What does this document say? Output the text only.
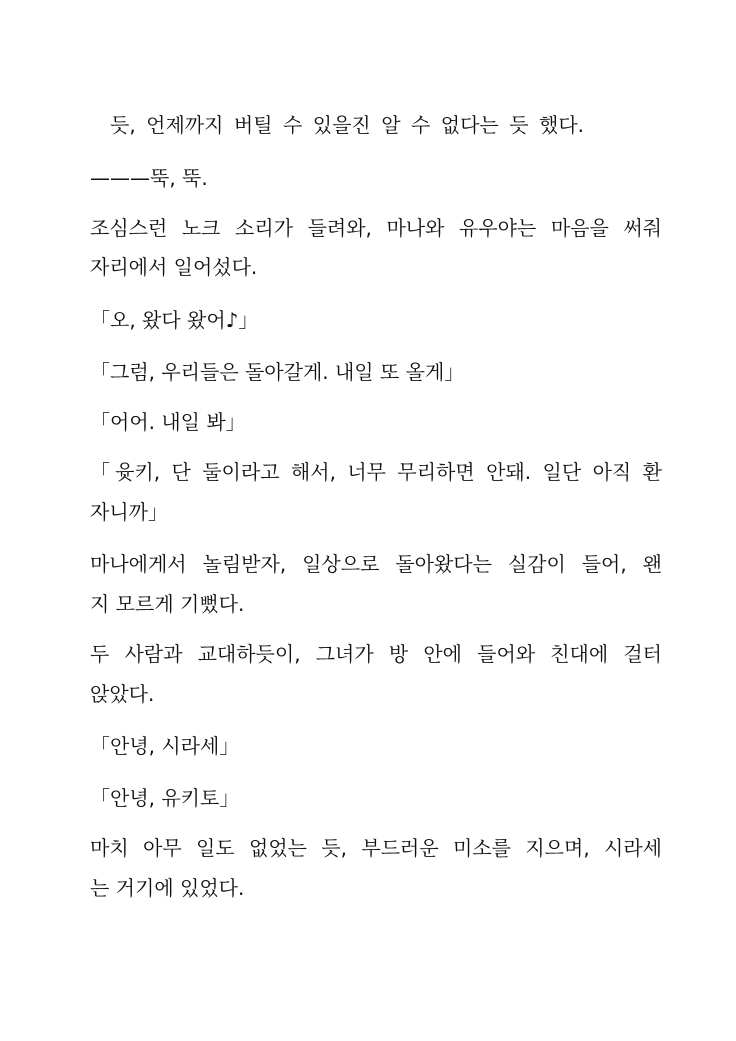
듯, 언제까지 버틸 수 있을진 알 수 없다는 듯 했다.
———뚝, 뚝.
조심스런 노크 소리가 들려와, 마나와 유우야는 마음을 써줘
자리에서 일어섰다.
「오, 왔다 왔어♪」
「그럼, 우리들은 돌아갈게. 내일 또 올게」
「어어. 내일 봐」
「윳키, 단 둘이라고 해서, 너무 무리하면 안돼. 일단 아직 환
자니까」
마나에게서 놀림받자, 일상으로 돌아왔다는 실감이 들어, 왠
지 모르게 기뻤다.
두 사람과 교대하듯이, 그녀가 방 안에 들어와 친대에 걸터
앉았다.
「안녕, 시라세」
「안녕, 유키토」
마치 아무 일도 없었는 듯, 부드러운 미소를 지으며, 시라세
는 거기에 있었다.
